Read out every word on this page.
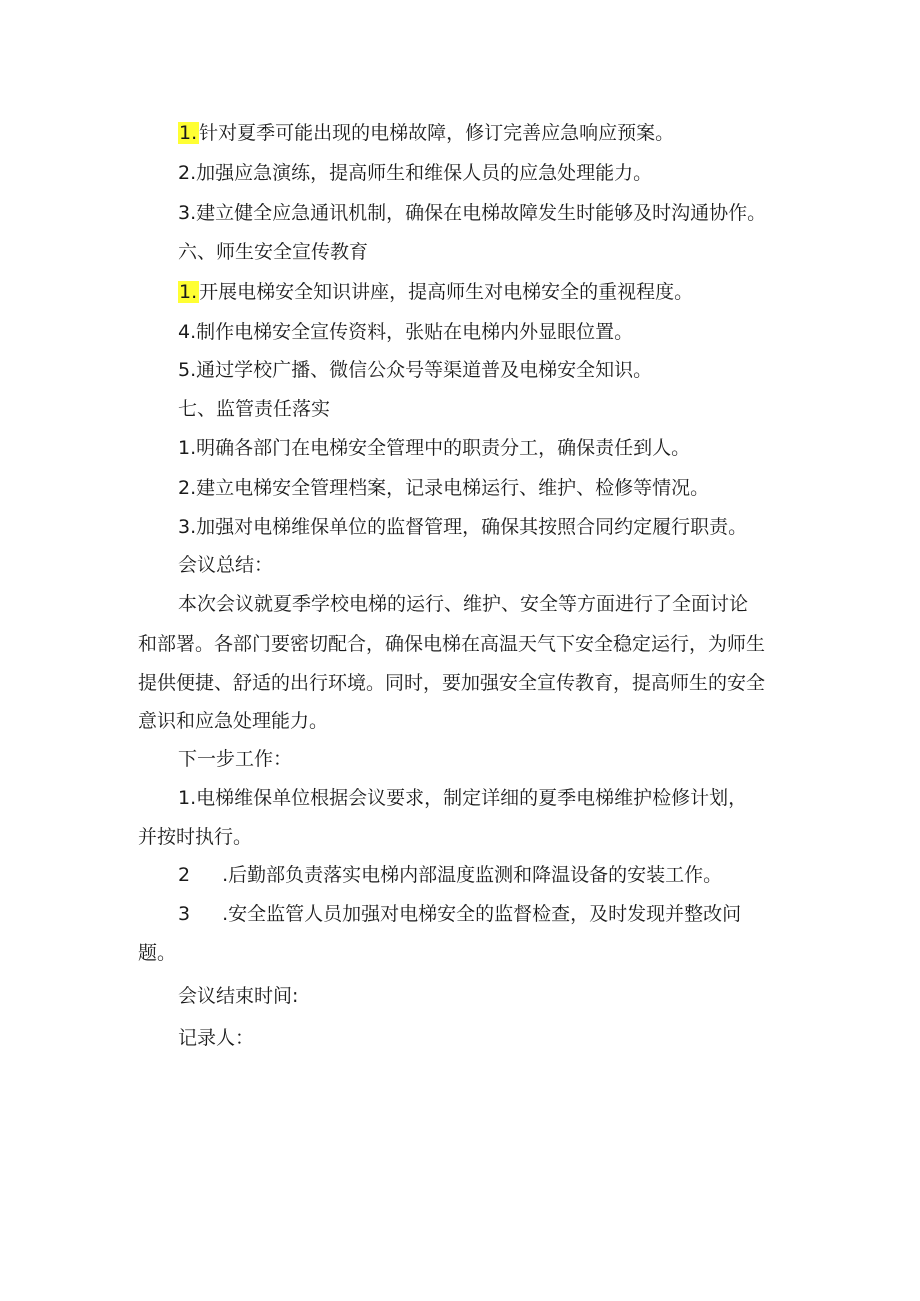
1. 针对夏季可能出现的电梯故障，修订完善应急响应预案。
2.加强应急演练，提高师生和维保人员的应急处理能力。
3.建立健全应急通讯机制，确保在电梯故障发生时能够及时沟通协作。
六、师生安全宣传教育
1. 开展电梯安全知识讲座，提高师生对电梯安全的重视程度。
4.制作电梯安全宣传资料，张贴在电梯内外显眼位置。
5.通过学校广播、微信公众号等渠道普及电梯安全知识。
七、监管责任落实
1.明确各部门在电梯安全管理中的职责分工，确保责任到人。
2.建立电梯安全管理档案，记录电梯运行、维护、检修等情况。
3.加强对电梯维保单位的监督管理，确保其按照合同约定履行职责。
会议总结：
本次会议就夏季学校电梯的运行、维护、安全等方面进行了全面讨论
和部署。各部门要密切配合，确保电梯在高温天气下安全稳定运行，为师生
提供便捷、舒适的出行环境。同时，要加强安全宣传教育，提高师生的安全
意识和应急处理能力。
下一步工作：
1.电梯维保单位根据会议要求，制定详细的夏季电梯维护检修计划，
并按时执行。
2 .后勤部负责落实电梯内部温度监测和降温设备的安装工作。
3 .安全监管人员加强对电梯安全的监督检查，及时发现并整改问
题。
会议结束时间:
记录人：
